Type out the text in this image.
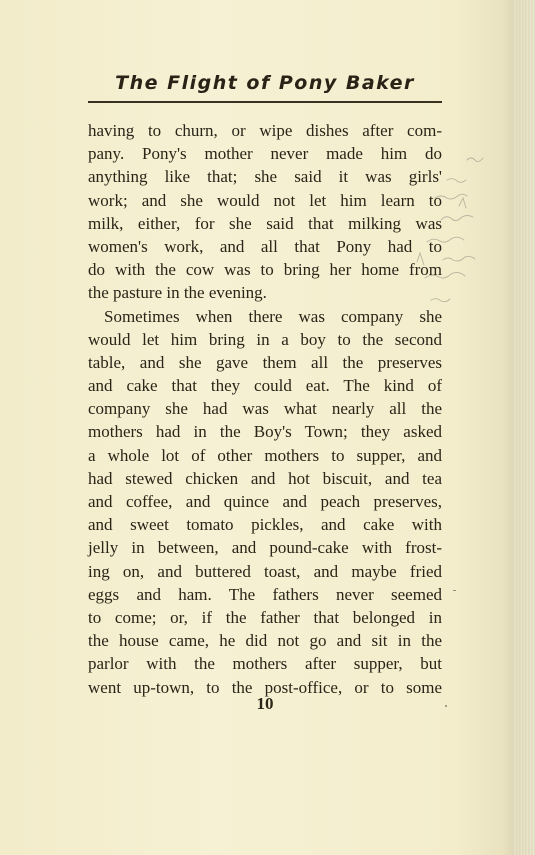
The Flight of Pony Baker
having to churn, or wipe dishes after com-
pany. Pony's mother never made him do
anything like that; she said it was girls'
work; and she would not let him learn to
milk, either, for she said that milking was
women's work, and all that Pony had to
do with the cow was to bring her home from
the pasture in the evening.
Sometimes when there was company she
would let him bring in a boy to the second
table, and she gave them all the preserves
and cake that they could eat. The kind of
company she had was what nearly all the
mothers had in the Boy's Town; they asked
a whole lot of other mothers to supper, and
had stewed chicken and hot biscuit, and tea
and coffee, and quince and peach preserves,
and sweet tomato pickles, and cake with
jelly in between, and pound-cake with frost-
ing on, and buttered toast, and maybe fried
eggs and ham. The fathers never seemed
to come; or, if the father that belonged in
the house came, he did not go and sit in the
parlor with the mothers after supper, but
went up-town, to the post-office, or to some
10
